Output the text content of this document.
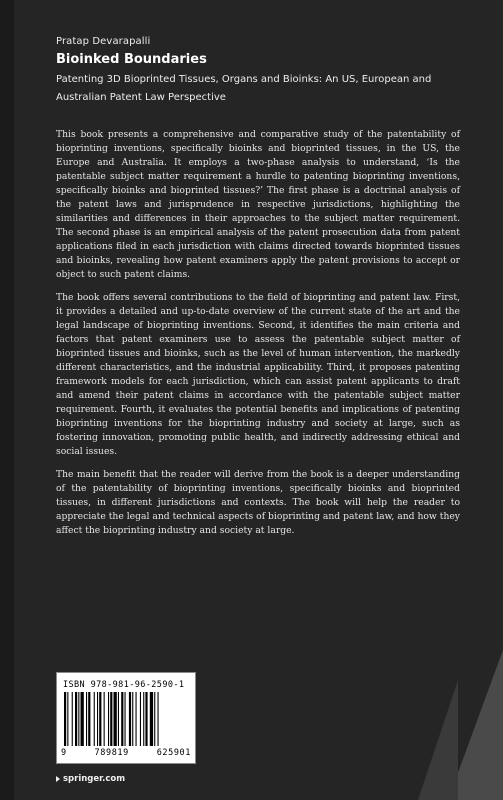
Pratap Devarapalli
Bioinked Boundaries
Patenting 3D Bioprinted Tissues, Organs and Bioinks: An US, European and Australian Patent Law Perspective

This book presents a comprehensive and comparative study of the patentability of bioprinting inventions, specifically bioinks and bioprinted tissues, in the US, the Europe and Australia. It employs a two-phase analysis to understand, ‘Is the patentable subject matter requirement a hurdle to patenting bioprinting inventions, specifically bioinks and bioprinted tissues?’ The first phase is a doctrinal analysis of the patent laws and jurisprudence in respective jurisdictions, highlighting the similarities and differences in their approaches to the subject matter requirement. The second phase is an empirical analysis of the patent prosecution data from patent applications filed in each jurisdiction with claims directed towards bioprinted tissues and bioinks, revealing how patent examiners apply the patent provisions to accept or object to such patent claims.

The book offers several contributions to the field of bioprinting and patent law. First, it provides a detailed and up-to-date overview of the current state of the art and the legal landscape of bioprinting inventions. Second, it identifies the main criteria and factors that patent examiners use to assess the patentable subject matter of bioprinted tissues and bioinks, such as the level of human intervention, the markedly different characteristics, and the industrial applicability. Third, it proposes patenting framework models for each jurisdiction, which can assist patent applicants to draft and amend their patent claims in accordance with the patentable subject matter requirement. Fourth, it evaluates the potential benefits and implications of patenting bioprinting inventions for the bioprinting industry and society at large, such as fostering innovation, promoting public health, and indirectly addressing ethical and social issues.

The main benefit that the reader will derive from the book is a deeper understanding of the patentability of bioprinting inventions, specifically bioinks and bioprinted tissues, in different jurisdictions and contexts. The book will help the reader to appreciate the legal and technical aspects of bioprinting and patent law, and how they affect the bioprinting industry and society at large.

ISBN 978-981-96-2590-1
9	789819	625901
springer.com
